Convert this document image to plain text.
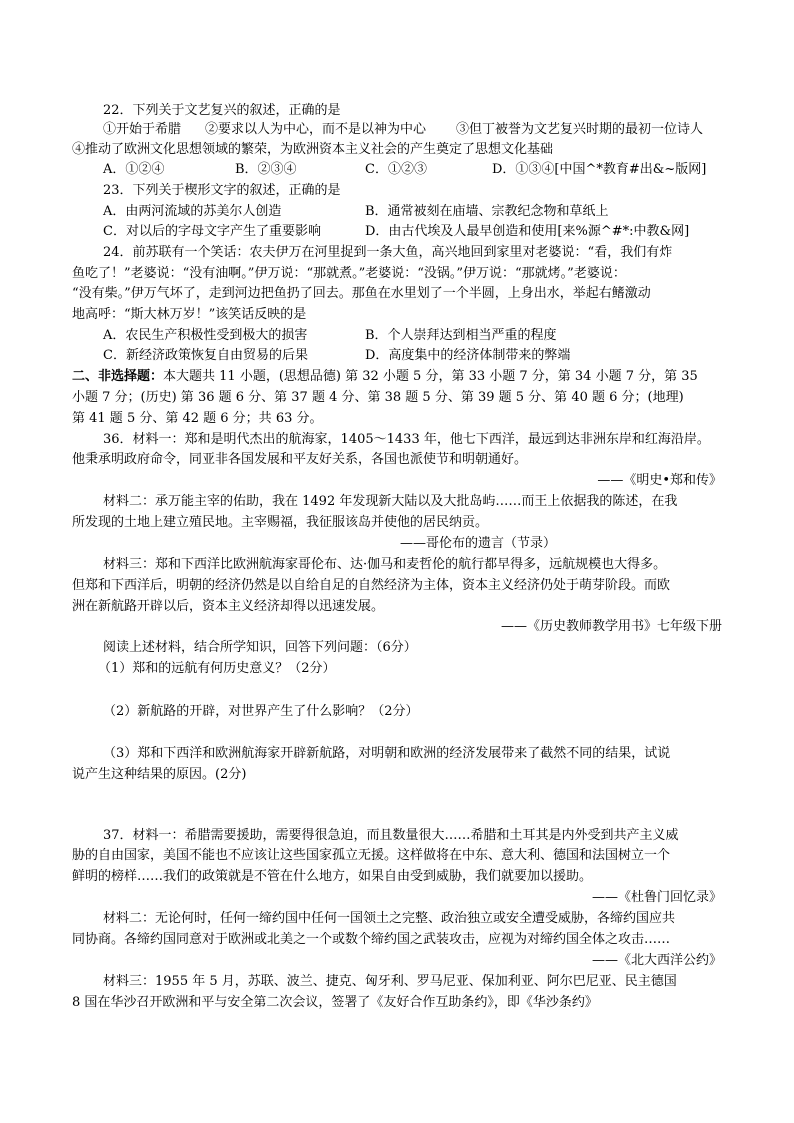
22．下列关于文艺复兴的叙述，正确的是
①开始于希腊 ②要求以人为中心，而不是以神为中心 ③但丁被誉为文艺复兴时期的最初一位诗人
④推动了欧洲文化思想领域的繁荣，为欧洲资本主义社会的产生奠定了思想文化基础
A．①②④	B．②③④	C．①②③	D．①③④[中国^*教育#出&~版网]
23．下列关于楔形文字的叙述，正确的是
A．由两河流域的苏美尔人创造	B．通常被刻在庙墙、宗教纪念物和草纸上
C．对以后的字母文字产生了重要影响	D．由古代埃及人最早创造和使用[来%源^#*:中教&网]
24．前苏联有一个笑话：农夫伊万在河里捉到一条大鱼，高兴地回到家里对老婆说：“看，我们有炸
鱼吃了！”老婆说：“没有油啊。”伊万说：“那就煮。”老婆说：“没锅。”伊万说：“那就烤。”老婆说：
“没有柴。”伊万气坏了，走到河边把鱼扔了回去。那鱼在水里划了一个半圆，上身出水，举起右鳍激动
地高呼：“斯大林万岁！”该笑话反映的是
A．农民生产积极性受到极大的损害	B．个人崇拜达到相当严重的程度
C．新经济政策恢复自由贸易的后果	D．高度集中的经济体制带来的弊端
二、非选择题：本大题共 11 小题，(思想品德) 第 32 小题 5 分，第 33 小题 7 分，第 34 小题 7 分，第 35
小题 7 分；(历史) 第 36 题 6 分、第 37 题 4 分、第 38 题 5 分、第 39 题 5 分、第 40 题 6 分；(地理)
第 41 题 5 分、第 42 题 6 分；共 63 分。
36．材料一：郑和是明代杰出的航海家，1405～1433 年，他七下西洋，最远到达非洲东岸和红海沿岸。
他秉承明政府命令，同亚非各国发展和平友好关系，各国也派使节和明朝通好。
——《明史•郑和传》
材料二：承万能主宰的佑助，我在 1492 年发现新大陆以及大批岛屿……而王上依据我的陈述，在我
所发现的土地上建立殖民地。主宰赐福，我征服该岛并使他的居民纳贡。
——哥伦布的遗言（节录）
材料三：郑和下西洋比欧洲航海家哥伦布、达·伽马和麦哲伦的航行都早得多，远航规模也大得多。
但郑和下西洋后，明朝的经济仍然是以自给自足的自然经济为主体，资本主义经济仍处于萌芽阶段。而欧
洲在新航路开辟以后，资本主义经济却得以迅速发展。
——《历史教师教学用书》七年级下册
阅读上述材料，结合所学知识，回答下列问题：（6分）
（1）郑和的远航有何历史意义？（2分）
（2）新航路的开辟，对世界产生了什么影响？（2分）
（3）郑和下西洋和欧洲航海家开辟新航路，对明朝和欧洲的经济发展带来了截然不同的结果，试说
说产生这种结果的原因。(2分)
37．材料一：希腊需要援助，需要得很急迫，而且数量很大……希腊和土耳其是内外受到共产主义威
胁的自由国家，美国不能也不应该让这些国家孤立无援。这样做将在中东、意大利、德国和法国树立一个
鲜明的榜样……我们的政策就是不管在什么地方，如果自由受到威胁，我们就要加以援助。
——《杜鲁门回忆录》
材料二：无论何时，任何一缔约国中任何一国领土之完整、政治独立或安全遭受威胁，各缔约国应共
同协商。各缔约国同意对于欧洲或北美之一个或数个缔约国之武装攻击，应视为对缔约国全体之攻击……
——《北大西洋公约》
材料三：1955 年 5 月，苏联、波兰、捷克、匈牙利、罗马尼亚、保加利亚、阿尔巴尼亚、民主德国
8 国在华沙召开欧洲和平与安全第二次会议，签署了《友好合作互助条约》，即《华沙条约》
